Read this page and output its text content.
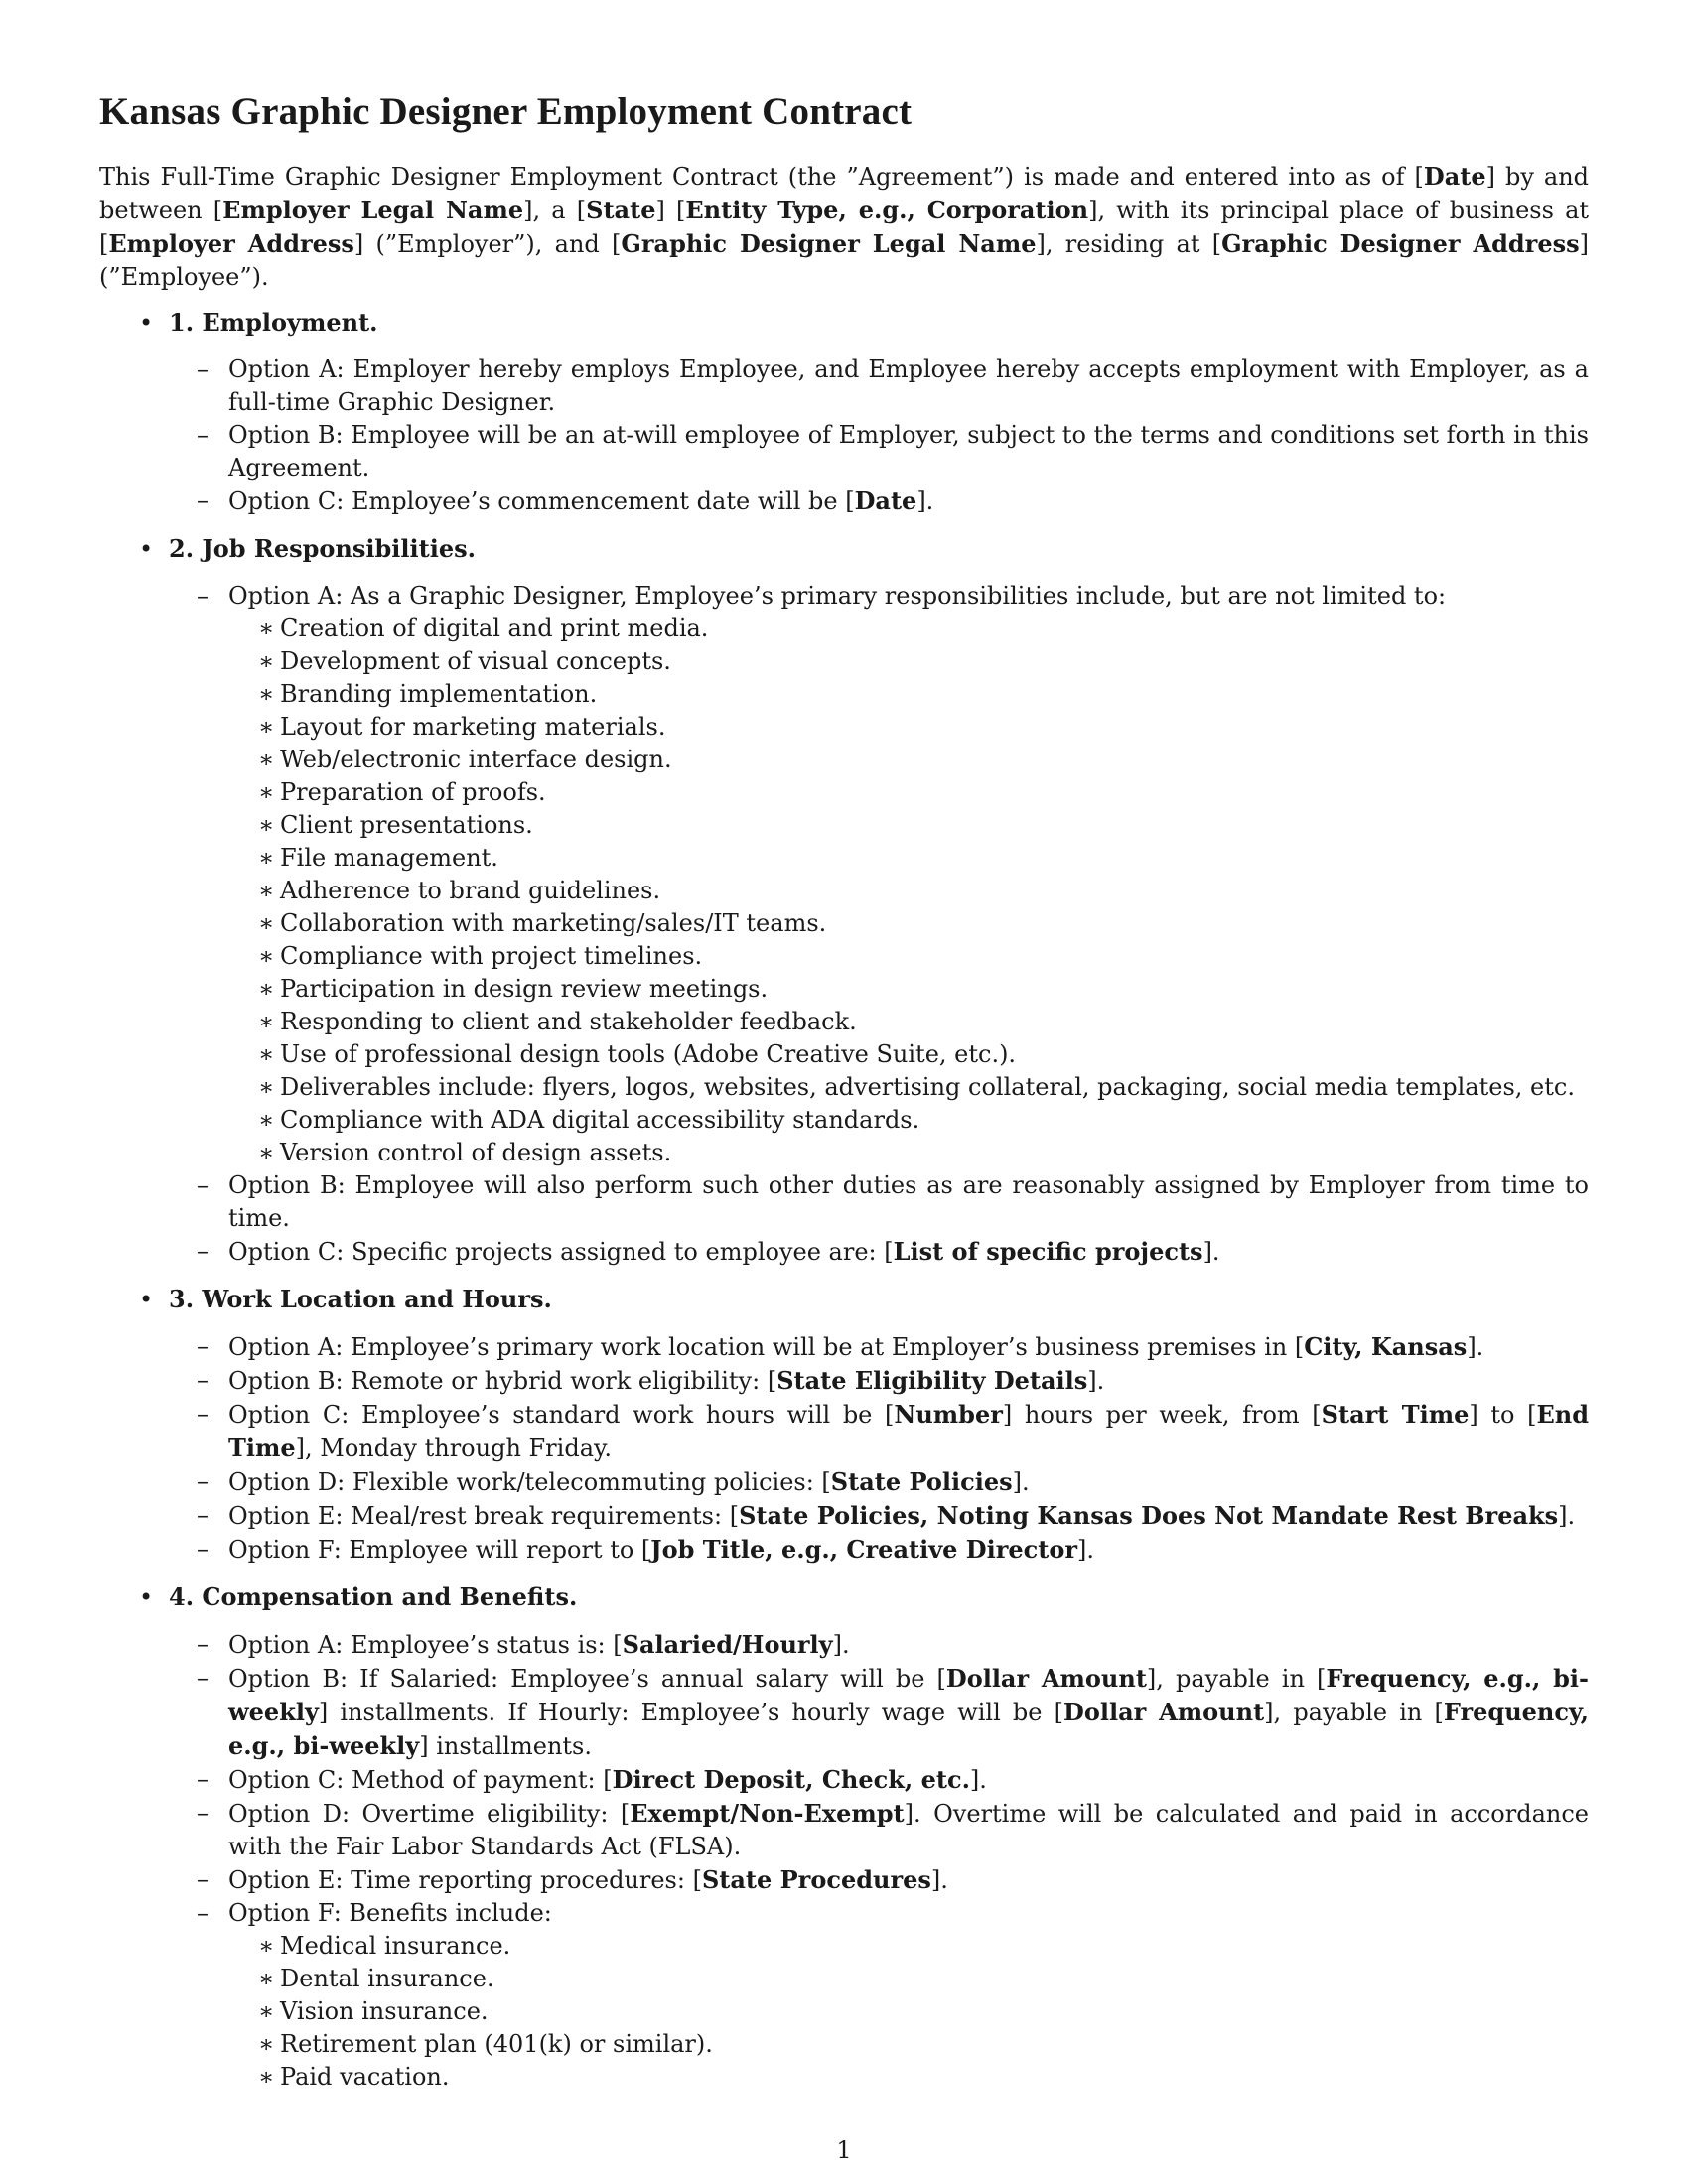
Kansas Graphic Designer Employment Contract

This Full-Time Graphic Designer Employment Contract (the ”Agreement”) is made and entered into as of [Date] by and between [Employer Legal Name], a [State] [Entity Type, e.g., Corporation], with its principal place of business at [Employer Address] (”Employer”), and [Graphic Designer Legal Name], residing at [Graphic Designer Address] (”Employee”).

• 1. Employment.
– Option A: Employer hereby employs Employee, and Employee hereby accepts employment with Employer, as a full-time Graphic Designer.
– Option B: Employee will be an at-will employee of Employer, subject to the terms and conditions set forth in this Agreement.
– Option C: Employee’s commencement date will be [Date].
• 2. Job Responsibilities.
– Option A: As a Graphic Designer, Employee’s primary responsibilities include, but are not limited to:
∗ Creation of digital and print media.
∗ Development of visual concepts.
∗ Branding implementation.
∗ Layout for marketing materials.
∗ Web/electronic interface design.
∗ Preparation of proofs.
∗ Client presentations.
∗ File management.
∗ Adherence to brand guidelines.
∗ Collaboration with marketing/sales/IT teams.
∗ Compliance with project timelines.
∗ Participation in design review meetings.
∗ Responding to client and stakeholder feedback.
∗ Use of professional design tools (Adobe Creative Suite, etc.).
∗ Deliverables include: flyers, logos, websites, advertising collateral, packaging, social media templates, etc.
∗ Compliance with ADA digital accessibility standards.
∗ Version control of design assets.
– Option B: Employee will also perform such other duties as are reasonably assigned by Employer from time to time.
– Option C: Specific projects assigned to employee are: [List of specific projects].
• 3. Work Location and Hours.
– Option A: Employee’s primary work location will be at Employer’s business premises in [City, Kansas].
– Option B: Remote or hybrid work eligibility: [State Eligibility Details].
– Option C: Employee’s standard work hours will be [Number] hours per week, from [Start Time] to [End Time], Monday through Friday.
– Option D: Flexible work/telecommuting policies: [State Policies].
– Option E: Meal/rest break requirements: [State Policies, Noting Kansas Does Not Mandate Rest Breaks].
– Option F: Employee will report to [Job Title, e.g., Creative Director].
• 4. Compensation and Benefits.
– Option A: Employee’s status is: [Salaried/Hourly].
– Option B: If Salaried: Employee’s annual salary will be [Dollar Amount], payable in [Frequency, e.g., bi-weekly] installments. If Hourly: Employee’s hourly wage will be [Dollar Amount], payable in [Frequency, e.g., bi-weekly] installments.
– Option C: Method of payment: [Direct Deposit, Check, etc.].
– Option D: Overtime eligibility: [Exempt/Non-Exempt]. Overtime will be calculated and paid in accordance with the Fair Labor Standards Act (FLSA).
– Option E: Time reporting procedures: [State Procedures].
– Option F: Benefits include:
∗ Medical insurance.
∗ Dental insurance.
∗ Vision insurance.
∗ Retirement plan (401(k) or similar).
∗ Paid vacation.
1
